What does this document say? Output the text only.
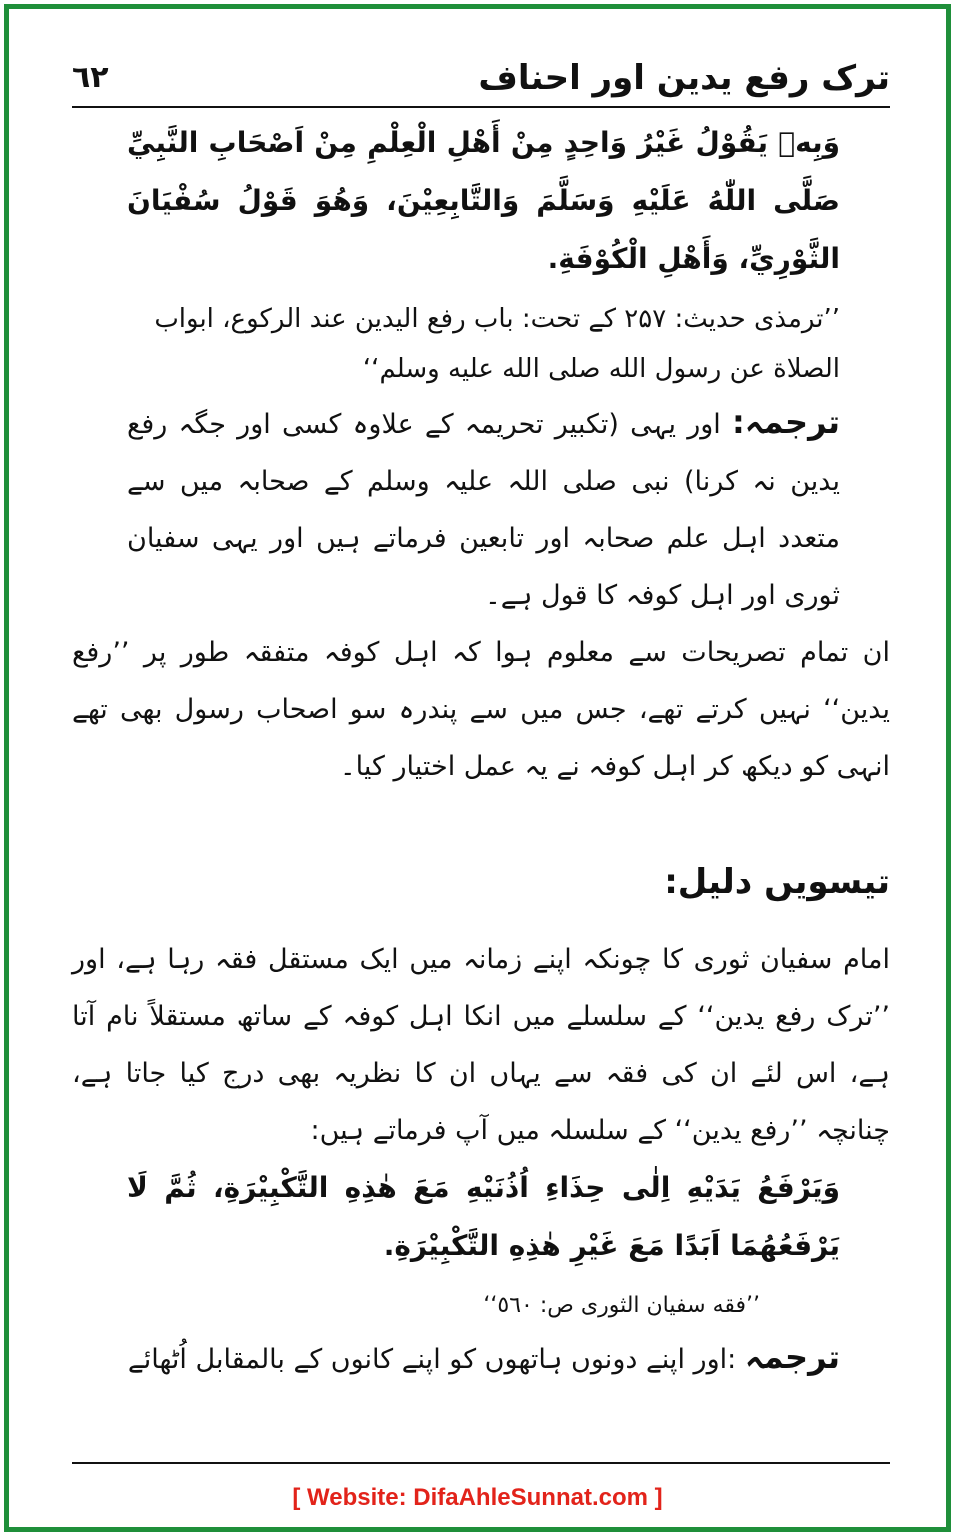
ترک رفع یدین اور احناف
٦٢

وَبِهٖ يَقُوْلُ غَيْرُ وَاحِدٍ مِنْ أَهْلِ الْعِلْمِ مِنْ اَصْحَابِ النَّبِيِّ صَلَّى اللّٰهُ عَلَيْهِ وَسَلَّمَ وَالتَّابِعِيْنَ، وَهُوَ قَوْلُ سُفْيَانَ الثَّوْرِيِّ، وَأَهْلِ الْكُوْفَةِ.

’’ترمذی حدیث: ۲۵۷ کے تحت: باب رفع اليدين عند الركوع، ابواب الصلاة عن رسول الله صلى الله عليه وسلم‘‘

ترجمہ: اور یہی (تکبیر تحریمہ کے علاوہ کسی اور جگہ رفع یدین نہ کرنا) نبی صلی اللہ علیہ وسلم کے صحابہ میں سے متعدد اہل علم صحابہ اور تابعین فرماتے ہیں اور یہی سفیان ثوری اور اہل کوفہ کا قول ہے۔

ان تمام تصریحات سے معلوم ہوا کہ اہل کوفہ متفقہ طور پر ’’رفع یدین‘‘ نہیں کرتے تھے، جس میں سے پندرہ سو اصحاب رسول بھی تھے انہی کو دیکھ کر اہل کوفہ نے یہ عمل اختیار کیا۔

تیسویں دلیل:

امام سفیان ثوری کا چونکہ اپنے زمانہ میں ایک مستقل فقہ رہا ہے، اور ’’ترک رفع یدین‘‘ کے سلسلے میں انکا اہل کوفہ کے ساتھ مستقلاً نام آتا ہے، اس لئے ان کی فقہ سے یہاں ان کا نظریہ بھی درج کیا جاتا ہے، چنانچہ ’’رفع یدین‘‘ کے سلسلہ میں آپ فرماتے ہیں:

وَيَرْفَعُ يَدَيْهِ اِلٰى حِذَاءِ اُذُنَيْهِ مَعَ هٰذِهِ التَّكْبِيْرَةِ، ثُمَّ لَا يَرْفَعُهُمَا اَبَدًا مَعَ غَيْرِ هٰذِهِ التَّكْبِيْرَةِ.

’’فقه سفيان الثورى ص: ٥٦٠‘‘

ترجمہ :اور اپنے دونوں ہاتھوں کو اپنے کانوں کے بالمقابل اُٹھائے

[ Website: DifaAhleSunnat.com ]
